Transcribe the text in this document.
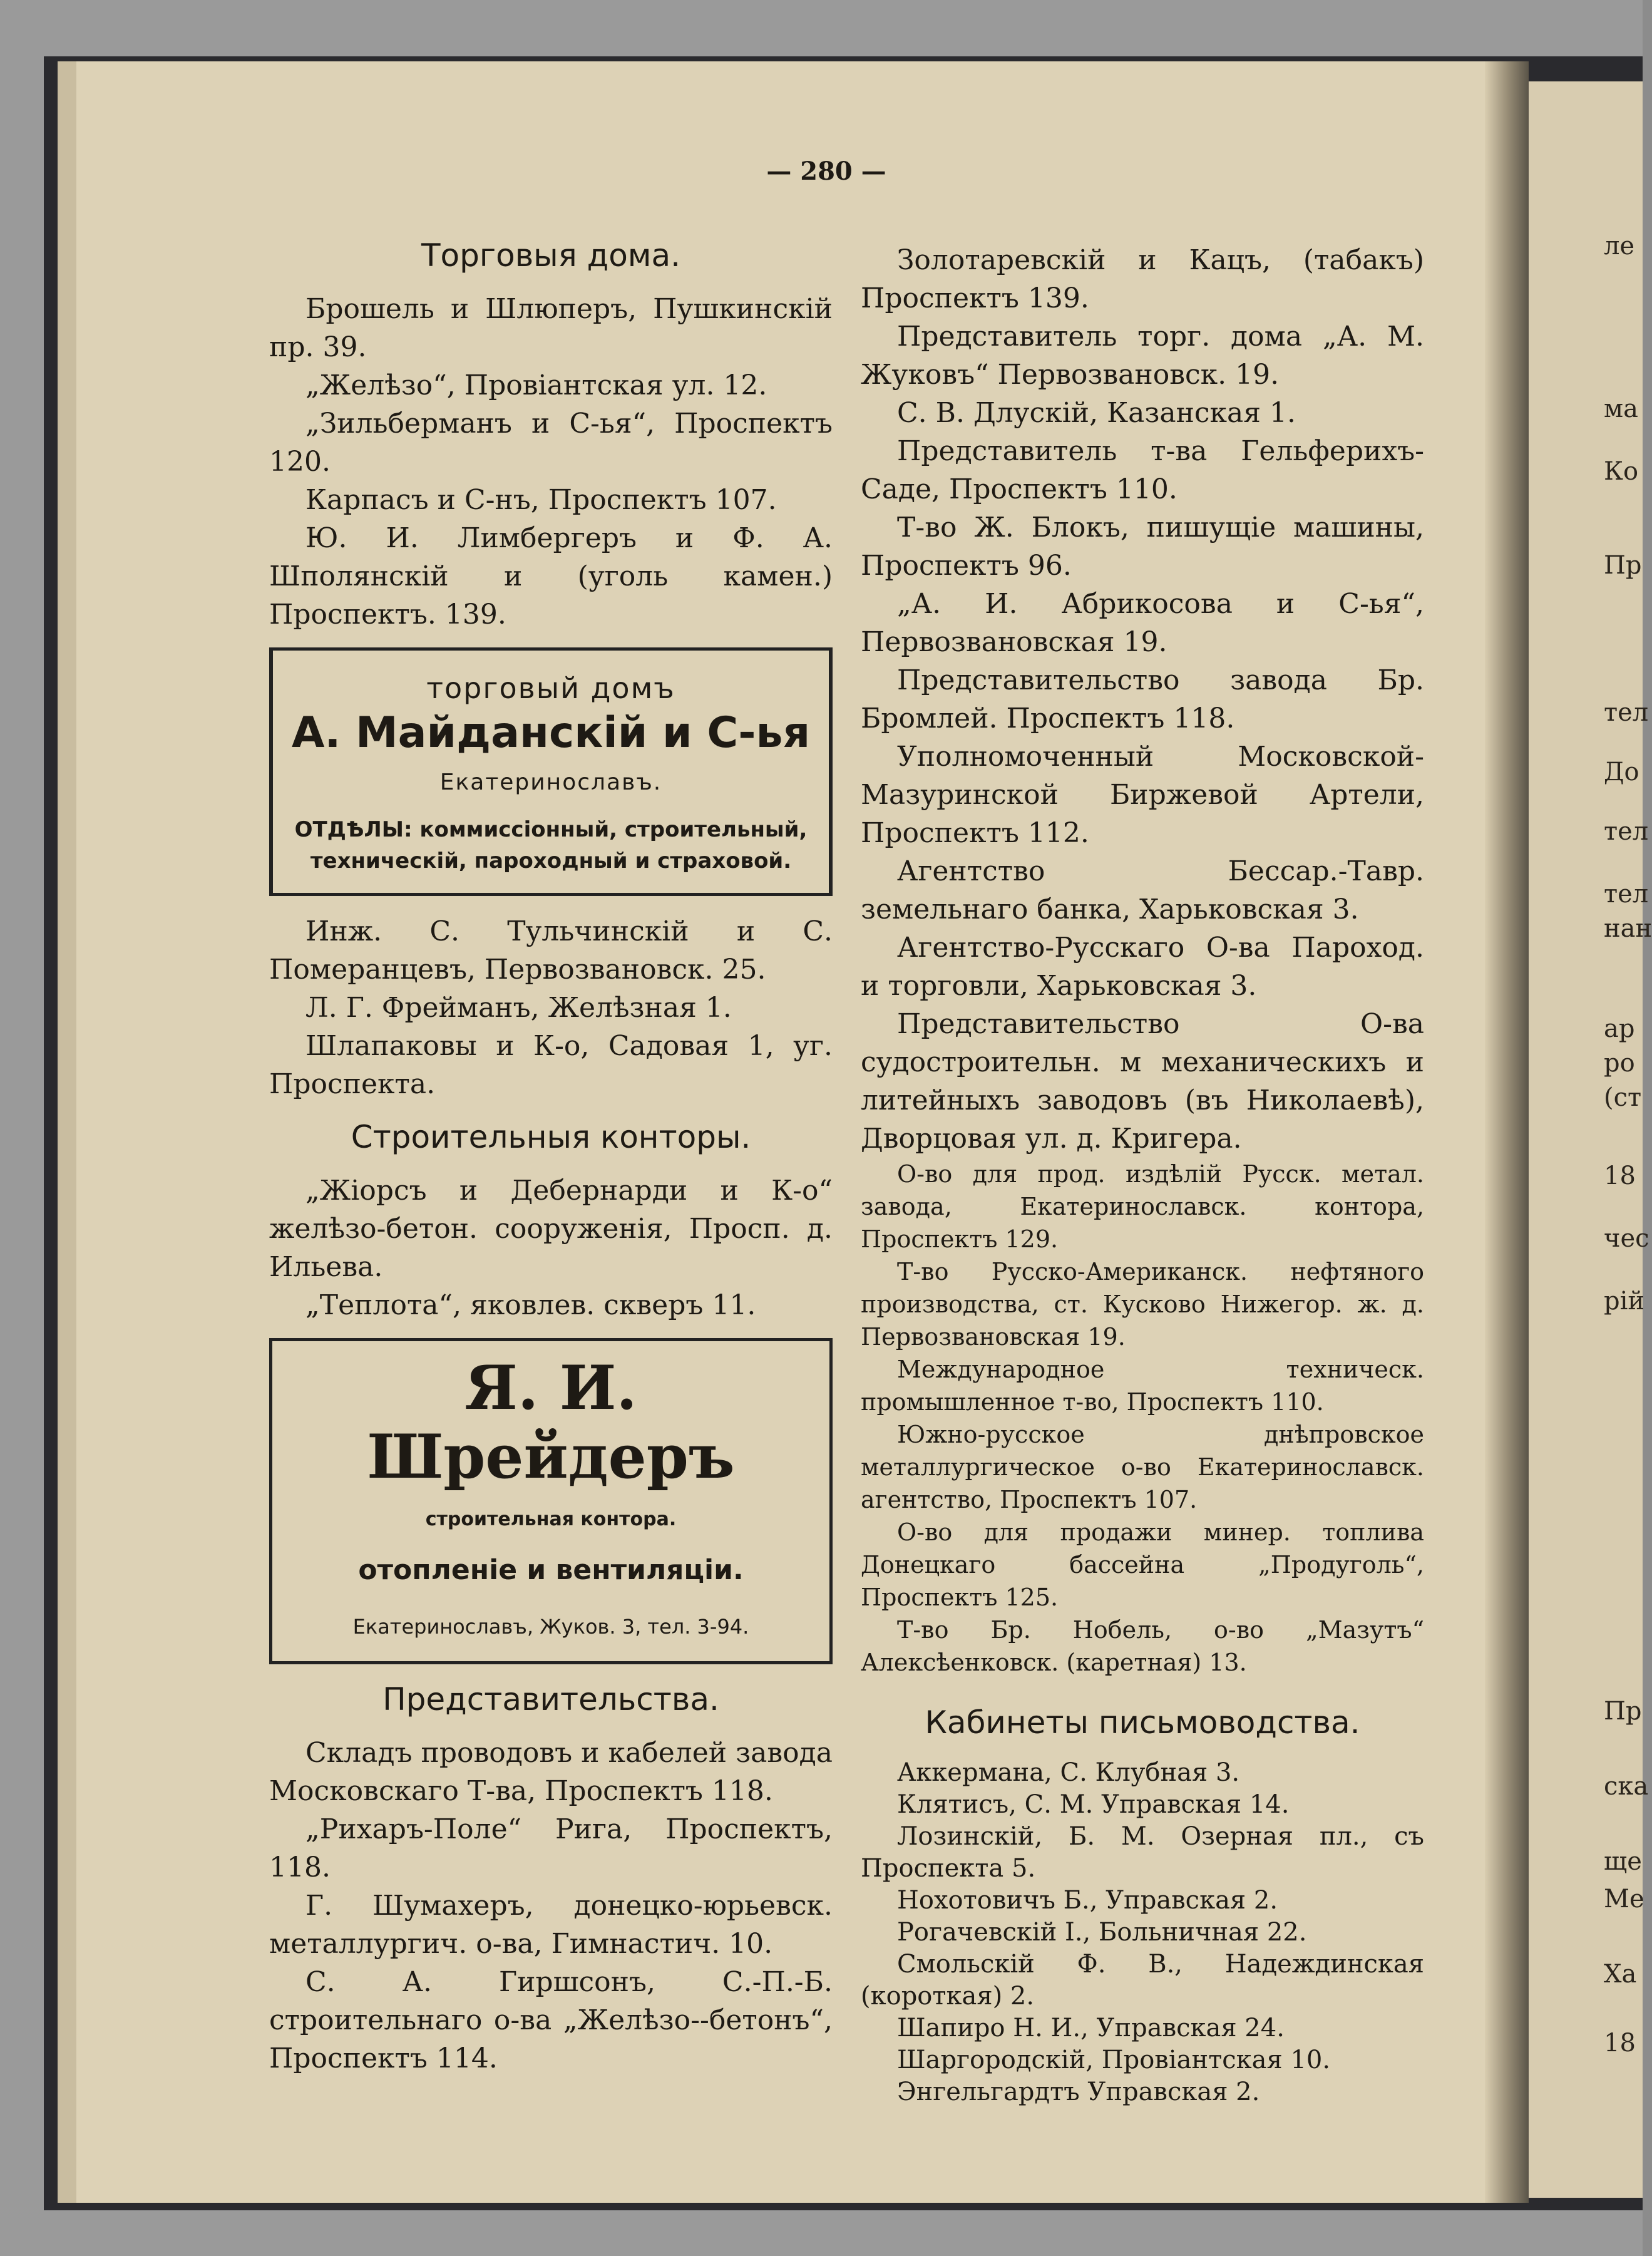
ле
ма
Ко
Пр
тел
До
тел
тел
нан
ар
ро
(ст
18
чес
рій
Пр
ска
ще
Ме
Ха
18
— 280 —
Торговыя дома.

Брошель и Шлюперъ, Пушкинскій пр. 39.

„Желѣзо“, Провіантская ул. 12.

„Зильберманъ и С-ья“, Проспектъ 120.

Карпасъ и С-нъ, Проспектъ 107.

Ю. И. Лимбергеръ и Ф. А. Шполянскій и (уголь камен.) Проспектъ. 139.

торговый домъ
А. Майданскій и С-ья
Екатеринославъ.
ОТДѢЛЫ: коммиссіонный, строительный, техническій, пароходный и страховой.

Инж. С. Тульчинскій и С. Померанцевъ, Первозвановск. 25.

Л. Г. Фрейманъ, Желѣзная 1.

Шлапаковы и К-о, Садовая 1, уг. Проспекта.

Строительныя конторы.

„Жіорсъ и Дебернарди и К-о“ желѣзо-бетон. сооруженія, Просп. д. Ильева.

„Теплота“, яковлев. скверъ 11.

Я. И. Шрейдеръ
строительная контора.
отопленіе и вентиляціи.
Екатеринославъ, Жуков. 3, тел. 3-94.
Представительства.

Складъ проводовъ и кабелей завода Московскаго Т-ва, Проспектъ 118.

„Рихаръ-Поле“ Рига, Проспектъ, 118.

Г. Шумахеръ, донецко-юрьевск. металлургич. о-ва, Гимнастич. 10.

С. А. Гиршсонъ, С.-П.-Б. строительнаго о-ва „Желѣзо--бетонъ“, Проспектъ 114.

Золотаревскій и Кацъ, (табакъ) Проспектъ 139.

Представитель торг. дома „А. М. Жуковъ“ Первозвановск. 19.

С. В. Длускій, Казанская 1.

Представитель т-ва Гельферихъ-Саде, Проспектъ 110.

Т-во Ж. Блокъ, пишущіе машины, Проспектъ 96.

„А. И. Абрикосова и С-ья“, Первозвановская 19.

Представительство завода Бр. Бромлей. Проспектъ 118.

Уполномоченный Московской-Мазуринской Биржевой Артели, Проспектъ 112.

Агентство Бессар.-Тавр. земельнаго банка, Харьковская 3.

Агентство-Русскаго О-ва Пароход. и торговли, Харьковская 3.

Представительство О-ва судостроительн. м механическихъ и литейныхъ заводовъ (въ Николаевѣ), Дворцовая ул. д. Кригера.

О-во для прод. издѣлій Русск. метал. завода, Екатеринославск. контора, Проспектъ 129.

Т-во Русско-Американск. нефтяного производства, ст. Кусково Нижегор. ж. д. Первозвановская 19.

Международное техническ. промышленное т-во, Проспектъ 110.

Южно-русское днѣпровское металлургическое о-во Екатеринославск. агентство, Проспектъ 107.

О-во для продажи минер. топлива Донецкаго бассейна „Продуголь“, Проспектъ 125.

Т-во Бр. Нобель, о-во „Мазутъ“ Алексѣенковск. (каретная) 13.

Кабинеты письмоводства.

Аккермана, С. Клубная 3.

Клятисъ, С. М. Управская 14.

Лозинскій, Б. М. Озерная пл., съ Проспекта 5.

Нохотовичъ Б., Управская 2.

Рогачевскій І., Больничная 22.

Смольскій Ф. В., Надеждинская (короткая) 2.

Шапиро Н. И., Управская 24.

Шаргородскій, Провіантская 10.

Энгельгардтъ Управская 2.
